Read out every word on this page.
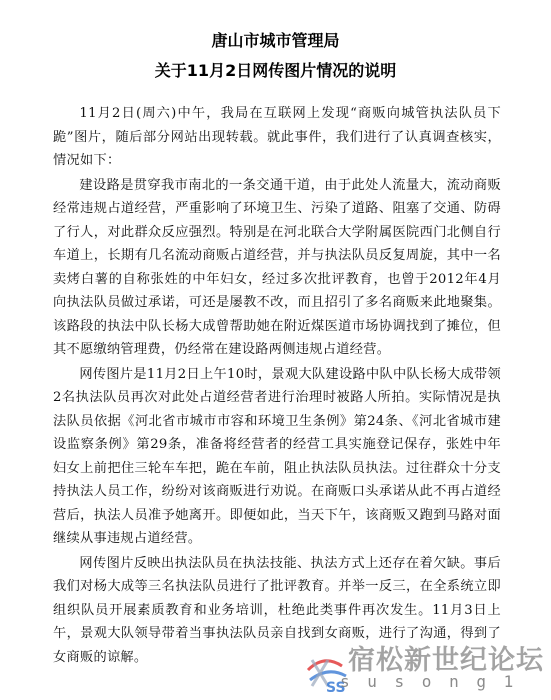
唐山市城市管理局
关于11月2日网传图片情况的说明

11月2日(周六)中午，我局在互联网上发现“商贩向城管执法队员下跪”图片，随后部分网站出现转载。就此事件，我们进行了认真调查核实，情况如下：

建设路是贯穿我市南北的一条交通干道，由于此处人流量大，流动商贩经常违规占道经营，严重影响了环境卫生、污染了道路、阻塞了交通、防碍了行人，对此群众反应强烈。特别是在河北联合大学附属医院西门北侧自行车道上，长期有几名流动商贩占道经营，并与执法队员反复周旋，其中一名卖烤白薯的自称张姓的中年妇女，经过多次批评教育，也曾于2012年4月向执法队员做过承诺，可还是屡教不改，而且招引了多名商贩来此地聚集。该路段的执法中队长杨大成曾帮助她在附近煤医道市场协调找到了摊位，但其不愿缴纳管理费，仍经常在建设路两侧违规占道经营。

网传图片是11月2日上午10时，景观大队建设路中队中队长杨大成带领2名执法队员再次对此处占道经营者进行治理时被路人所拍。实际情况是执法队员依据《河北省市城市市容和环境卫生条例》第24条、《河北省城市建设监察条例》第29条，准备将经营者的经营工具实施登记保存，张姓中年妇女上前把住三轮车车把，跪在车前，阻止执法队员执法。过往群众十分支持执法人员工作，纷纷对该商贩进行劝说。在商贩口头承诺从此不再占道经营后，执法人员准予她离开。即便如此，当天下午，该商贩又跑到马路对面继续从事违规占道经营。

网传图片反映出执法队员在执法技能、执法方式上还存在着欠缺。事后我们对杨大成等三名执法队员进行了批评教育。并举一反三，在全系统立即组织队员开展素质教育和业务培训，杜绝此类事件再次发生。11月3日上午，景观大队领导带着当事执法队员亲自找到女商贩，进行了沟通，得到了女商贩的谅解。

SS
宿松新世纪论坛
s u s o n g 1
